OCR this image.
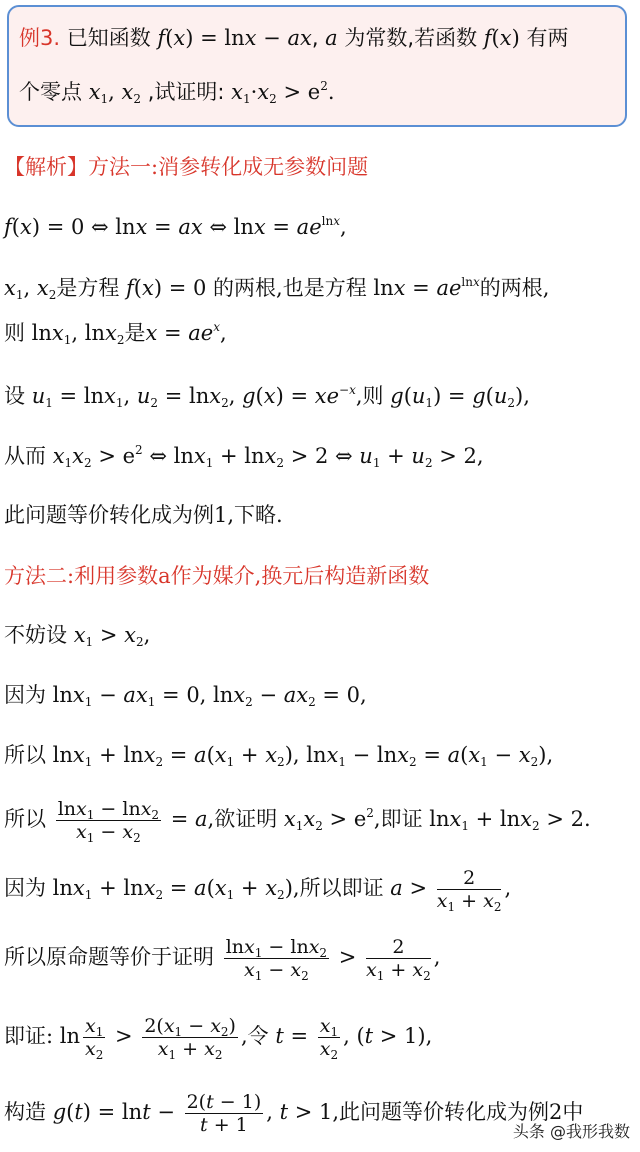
例3. 已知函数 f(x) = lnx − ax, a 为常数,若函数 f(x) 有两
个零点 $x_1$, $x_2$ ,试证明: $x_1\cdot x_2 > e^2$.
【解析】方法一:消参转化成无参数问题
f(x) = 0 ⇔ lnx = ax ⇔ $\ln x = ae^{lnx}$,
$x_1$, $x_2$是方程 f(x) = 0 的两根,也是方程 $\ln x = ae^{lnx}$的两根,
则 lnx$_1$, lnx$_2$是$x = ae^x$,
设 $u_1 = \ln x_1$, $u_2 = \ln x_2$, $g(x) = xe^{-x}$,则 $g(u_1) = g(u_2)$,
从而 $x_1x_2 > e^2$ ⇔ lnx$_1$ + lnx$_2$ > 2 ⇔ $u_1 + u_2 > 2$,
此问题等价转化成为例1,下略.
方法二:利用参数a作为媒介,换元后构造新函数
不妨设 $x_1 > x_2$,
因为 $\ln x_1 - ax_1 = 0$, $\ln x_2 - ax_2 = 0$,
所以 $\ln x_1 + \ln x_2 = a(x_1 + x_2)$, $\ln x_1 - \ln x_2 = a(x_1 - x_2)$,
所以 $\frac{\ln x_1 - \ln x_2}{x_1 - x_2} = a$,欲证明 $x_1x_2 > e^2$,即证 lnx$_1$ + lnx$_2$ > 2.
因为 $\ln x_1 + \ln x_2 = a(x_1 + x_2)$,所以即证 $a > \frac{2}{x_1 + x_2}$ ,
所以原命题等价于证明 $\frac{\ln x_1 - \ln x_2}{x_1 - x_2} > \frac{2}{x_1 + x_2}$ ,
即证: $\ln \frac{x_1}{x_2} > \frac{2(x_1 - x_2)}{x_1 + x_2}$ ,令 $t = \frac{x_1}{x_2}$ , (t > 1),
构造 $g(t) = \ln t - \frac{2(t - 1)}{t + 1}$ , t > 1,此问题等价转化成为例2中
头条 @我形我数
